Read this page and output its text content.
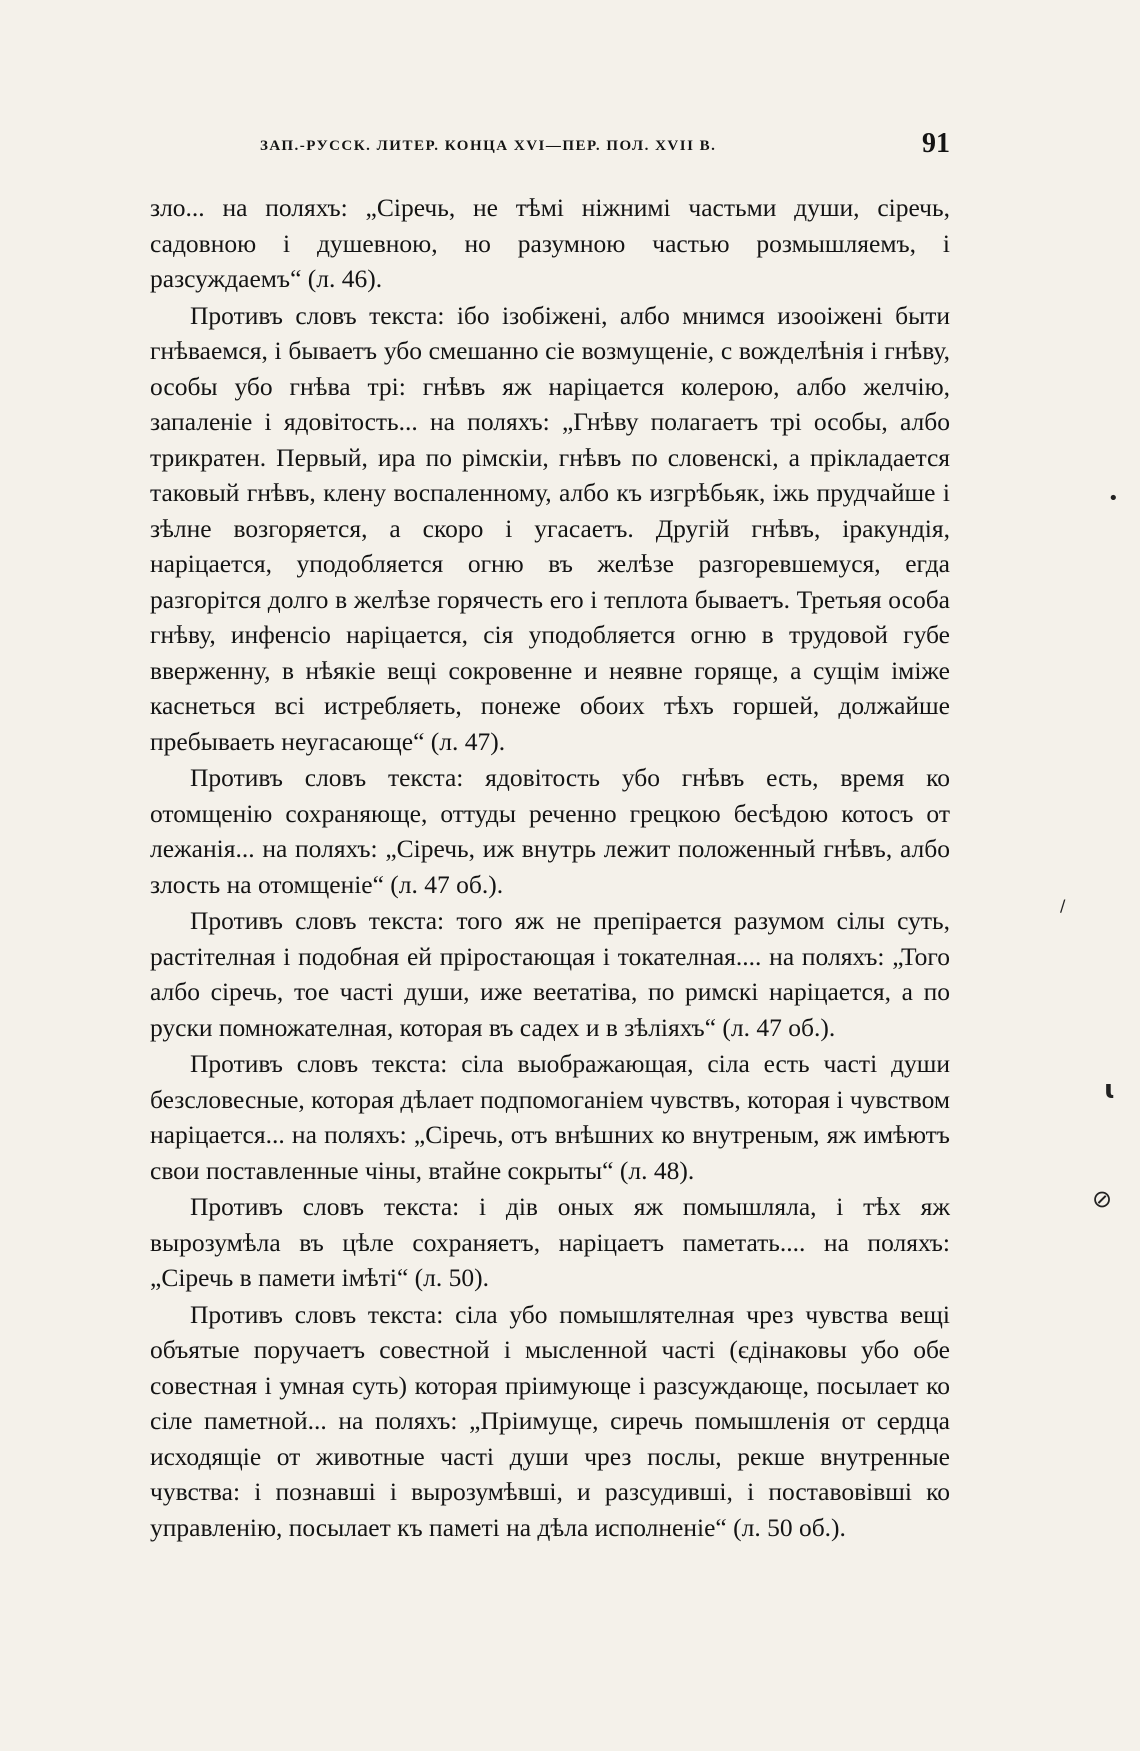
ЗАП.-РУССК. ЛИТЕР. КОНЦА XVI—ПЕР. ПОЛ. XVII В.	91

зло... на поляхъ: „Сіречь, не тѣмі ніжнимі частьми души, сіречь, садовною і душевною, но разумною частью розмышляемъ, і разсуждаемъ“ (л. 46).

Противъ словъ текста: ібо ізобіжені, албо мнимся изооіжені быти гнѣваемся, і бываетъ убо смешанно сіе возмущеніе, с вожделѣнія і гнѣву, особы убо гнѣва трі: гнѣвъ яж наріцается колерою, албо желчію, запаленіе і ядовітость... на поляхъ: „Гнѣву полагаетъ трі особы, албо трикратен. Первый, ира по рімскіи, гнѣвъ по словенскі, а прікладается таковый гнѣвъ, клену воспаленному, албо къ изгрѣбьяк, іжь прудчайше і зѣлне возгоряется, а скоро і угасаетъ. Другій гнѣвъ, іракундія, наріцается, уподобляется огню въ желѣзе разгоревшемуся, егда разгорітся долго в желѣзе горячесть его і теплота бываетъ. Третьяя особа гнѣву, инфенсіо наріцается, сія уподобляется огню в трудовой губе вверженну, в нѣякіе вещі сокровенне и неявне горяще, а сущім іміже каснеться всі истребляеть, понеже обоих тѣхъ горшей, должайше пребываеть неугасающе“ (л. 47).

Противъ словъ текста: ядовітость убо гнѣвъ есть, время ко отомщенію сохраняюще, оттуды реченно грецкою бесѣдою котосъ от лежанія... на поляхъ: „Сіречь, иж внутрь лежит положенный гнѣвъ, албо злость на отомщеніе“ (л. 47 об.).

Противъ словъ текста: того яж не препірается разумом сілы суть, растітелная і подобная ей пріростающая і токателная.... на поляхъ: „Того албо сіречь, тое часті души, иже веетатіва, по римскі наріцается, а по руски помножателная, которая въ садех и в зѣліяхъ“ (л. 47 об.).

Противъ словъ текста: сіла выображающая, сіла есть часті души безсловесные, которая дѣлает подпомоганіем чувствъ, которая і чувством наріцается... на поляхъ: „Сіречь, отъ внѣшних ко внутреным, яж имѣютъ свои поставленные чіны, втайне сокрыты“ (л. 48).

Противъ словъ текста: і дів оных яж помышляла, і тѣх яж вырозумѣла въ цѣле сохраняетъ, наріцаетъ паметать.... на поляхъ: „Сіречь в памети імѣті“ (л. 50).

Противъ словъ текста: сіла убо помышлятелная чрез чувства вещі объятые поручаетъ совестной і мысленной часті (єдінаковы убо обе совестная і умная суть) которая пріимующе і разсуждающе, посылает ко сіле паметной... на поляхъ: „Пріимуще, сиречь помышленія от сердца исходящіе от животные часті души чрез послы, рекше внутренные чувства: і познавші і вырозумѣвші, и разсудивші, і поставовівші ко управленію, посылает къ паметі на дѣла исполненіе“ (л. 50 об.).

•
ɩ
⊘
/
